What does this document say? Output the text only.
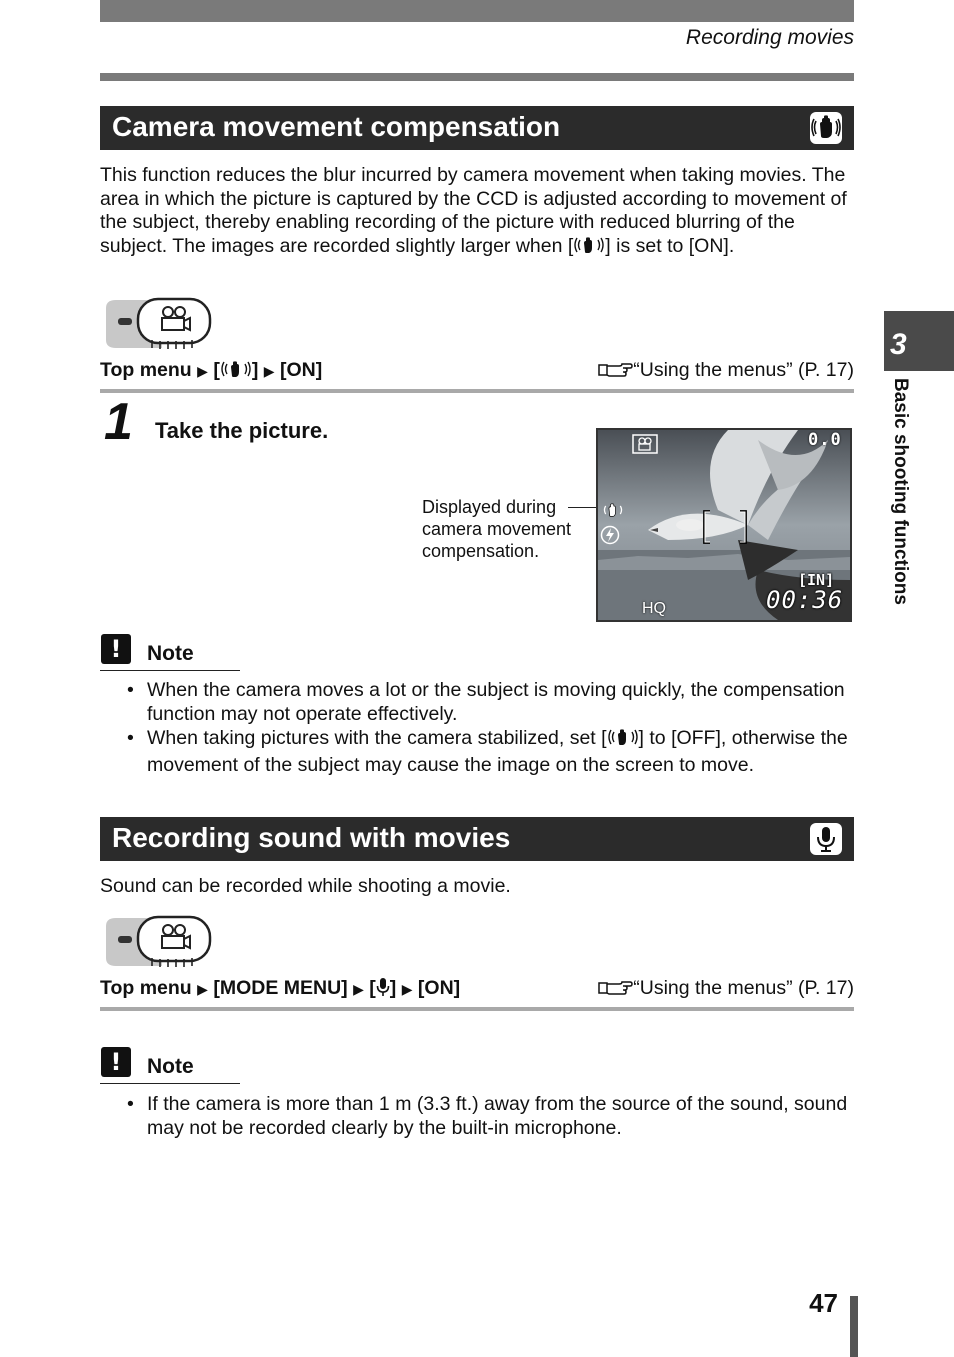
Recording movies
Camera movement compensation
This function reduces the blur incurred by camera movement when taking movies. The area in which the picture is captured by the CCD is adjusted according to movement of the subject, thereby enabling recording of the picture with reduced blurring of the subject. The images are recorded slightly larger when [ ] is set to [ON].
Top menu ▶ [ ] ▶ [ON]	“Using the menus” (P. 17)
1 Take the picture.
Displayed during camera movement compensation.
0.0
[IN]
00:36
HQ
!	Note
• When the camera moves a lot or the subject is moving quickly, the compensation function may not operate effectively.
• When taking pictures with the camera stabilized, set [ ] to [OFF], otherwise the movement of the subject may cause the image on the screen to move.
Recording sound with movies
Sound can be recorded while shooting a movie.
Top menu ▶ [MODE MENU] ▶ [ ] ▶ [ON]	“Using the menus” (P. 17)
!	Note
• If the camera is more than 1 m (3.3 ft.) away from the source of the sound, sound may not be recorded clearly by the built-in microphone.
3
Basic shooting functions
47
